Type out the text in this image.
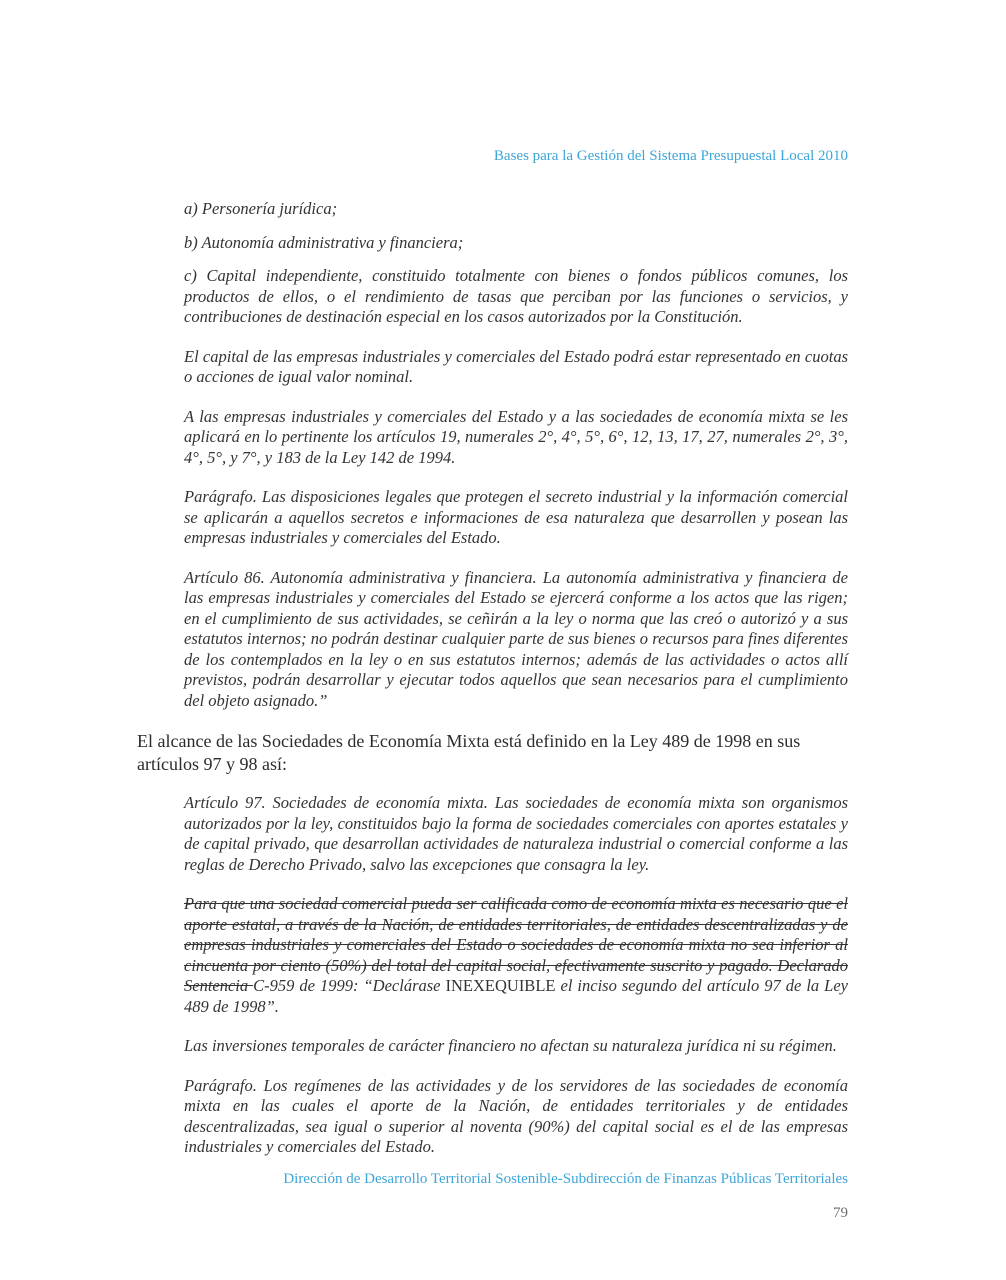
Bases para la Gestión del Sistema Presupuestal Local 2010

a) Personería jurídica;

b) Autonomía administrativa y financiera;

c) Capital independiente, constituido totalmente con bienes o fondos públicos comunes, los productos de ellos, o el rendimiento de tasas que perciban por las funciones o servicios, y contribuciones de destinación especial en los casos autorizados por la Constitución.

El capital de las empresas industriales y comerciales del Estado podrá estar representado en cuotas o acciones de igual valor nominal.

A las empresas industriales y comerciales del Estado y a las sociedades de economía mixta se les aplicará en lo pertinente los artículos 19, numerales 2°, 4°, 5°, 6°, 12, 13, 17, 27, numerales 2°, 3°, 4°, 5°, y 7°, y 183 de la Ley 142 de 1994.

Parágrafo. Las disposiciones legales que protegen el secreto industrial y la información comercial se aplicarán a aquellos secretos e informaciones de esa naturaleza que desarrollen y posean las empresas industriales y comerciales del Estado.

Artículo 86. Autonomía administrativa y financiera. La autonomía administrativa y financiera de las empresas industriales y comerciales del Estado se ejercerá conforme a los actos que las rigen; en el cumplimiento de sus actividades, se ceñirán a la ley o norma que las creó o autorizó y a sus estatutos internos; no podrán destinar cualquier parte de sus bienes o recursos para fines diferentes de los contemplados en la ley o en sus estatutos internos; además de las actividades o actos allí previstos, podrán desarrollar y ejecutar todos aquellos que sean necesarios para el cumplimiento del objeto asignado.”

El alcance de las Sociedades de Economía Mixta está definido en la Ley 489 de 1998 en sus artículos 97 y 98 así:

Artículo 97. Sociedades de economía mixta. Las sociedades de economía mixta son organismos autorizados por la ley, constituidos bajo la forma de sociedades comerciales con aportes estatales y de capital privado, que desarrollan actividades de naturaleza industrial o comercial conforme a las reglas de Derecho Privado, salvo las excepciones que consagra la ley.

Para que una sociedad comercial pueda ser calificada como de economía mixta es necesario que el aporte estatal, a través de la Nación, de entidades territoriales, de entidades descentralizadas y de empresas industriales y comerciales del Estado o sociedades de economía mixta no sea inferior al cincuenta por ciento (50%) del total del capital social, efectivamente suscrito y pagado. Declarado Sentencia C-959 de 1999: “Declárase INEXEQUIBLE el inciso segundo del artículo 97 de la Ley 489 de 1998”.

Las inversiones temporales de carácter financiero no afectan su naturaleza jurídica ni su régimen.

Parágrafo. Los regímenes de las actividades y de los servidores de las sociedades de economía mixta en las cuales el aporte de la Nación, de entidades territoriales y de entidades descentralizadas, sea igual o superior al noventa (90%) del capital social es el de las empresas industriales y comerciales del Estado.

Dirección de Desarrollo Territorial Sostenible-Subdirección de Finanzas Públicas Territoriales
79
